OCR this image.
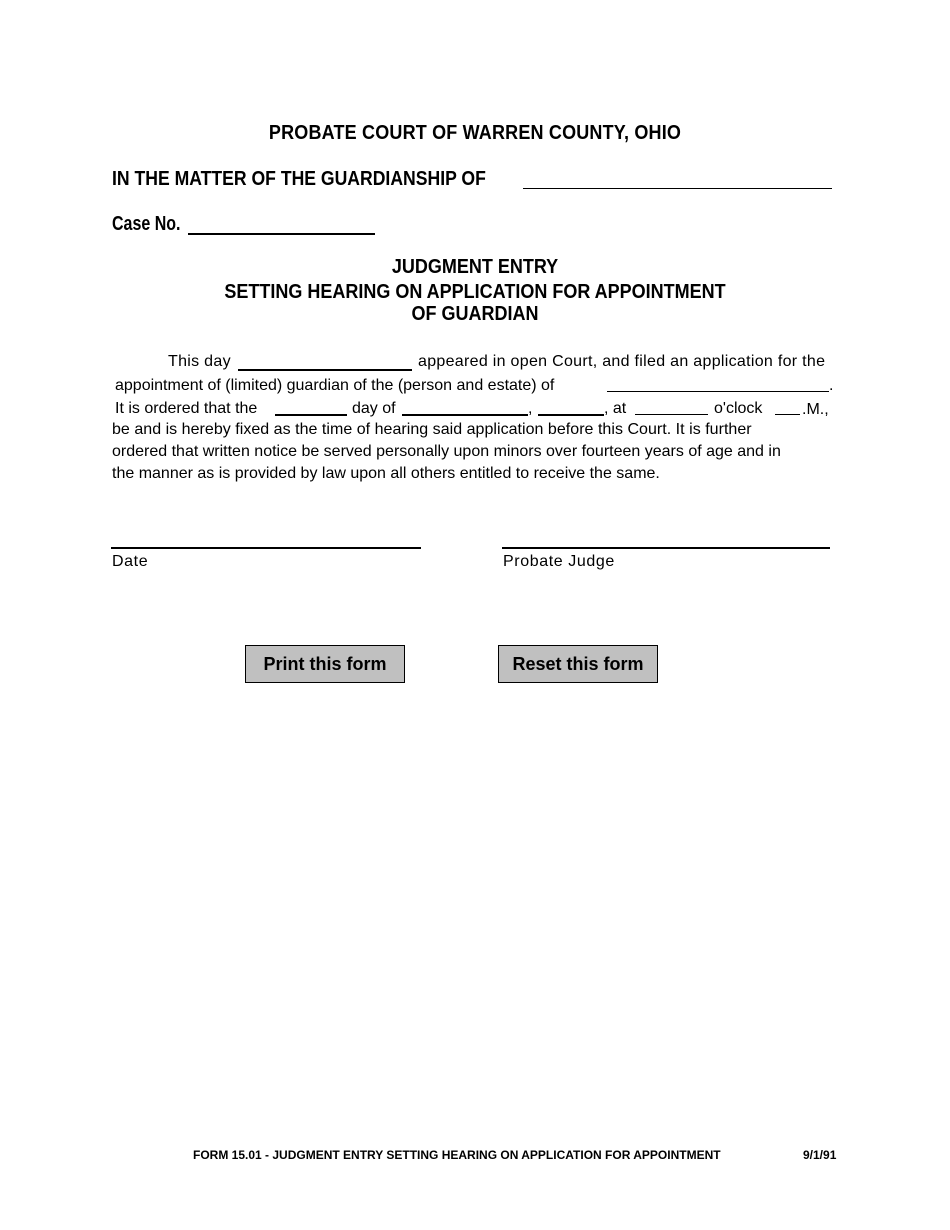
PROBATE COURT OF WARREN COUNTY, OHIO
IN THE MATTER OF THE GUARDIANSHIP OF
Case No.
JUDGMENT ENTRY
SETTING HEARING ON APPLICATION FOR APPOINTMENT
OF GUARDIAN
This day	appeared in open Court, and filed an application for the
appointment of (limited) guardian of the (person and estate) of	.
It is ordered that the	day of	,	, at	o'clock .M.,
be and is hereby fixed as the time of hearing said application before this Court. It is further
ordered that written notice be served personally upon minors over fourteen years of age and in
the manner as is provided by law upon all others entitled to receive the same.
Date	Probate Judge
Print this form	Reset this form
FORM 15.01 - JUDGMENT ENTRY SETTING HEARING ON APPLICATION FOR APPOINTMENT	9/1/91
